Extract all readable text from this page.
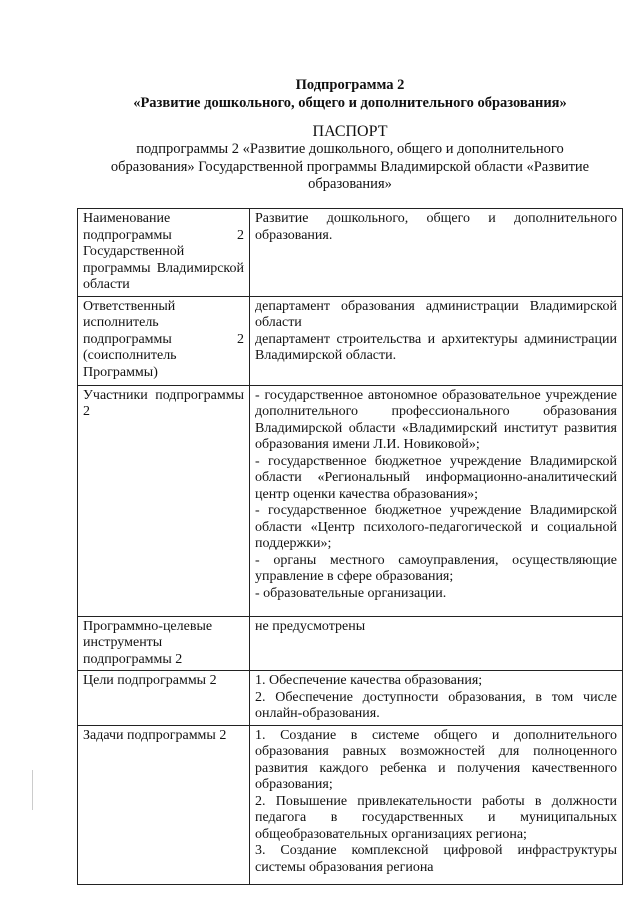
Подпрограмма 2
«Развитие дошкольного, общего и дополнительного образования»
ПАСПОРТ
подпрограммы 2 «Развитие дошкольного, общего и дополнительного образования» Государственной программы Владимирской области «Развитие образования»
Наименование подпрограммы 2 Государственной программы Владимирской области	Развитие дошкольного, общего и дополнительного образования.

Ответственный исполнитель подпрограммы 2 (соисполнитель Программы)	департамент образования администрации Владимирской области
департамент строительства и архитектуры администрации Владимирской области.

Участники подпрограммы 2	- государственное автономное образовательное учреждение дополнительного профессионального образования Владимирской области «Владимирский институт развития образования имени Л.И. Новиковой»;
- государственное бюджетное учреждение Владимирской области «Региональный информационно-аналитический центр оценки качества образования»;
- государственное бюджетное учреждение Владимирской области «Центр психолого-педагогической и социальной поддержки»;
- органы местного самоуправления, осуществляющие управление в сфере образования;
- образовательные организации.

Программно-целевые инструменты подпрограммы 2	не предусмотрены

Цели подпрограммы 2	1. Обеспечение качества образования;
2. Обеспечение доступности образования, в том числе онлайн-образования.

Задачи подпрограммы 2	1. Создание в системе общего и дополнительного образования равных возможностей для полноценного развития каждого ребенка и получения качественного образования;
2. Повышение привлекательности работы в должности педагога в государственных и муниципальных общеобразовательных организациях региона;
3. Создание комплексной цифровой инфраструктуры системы образования региона
